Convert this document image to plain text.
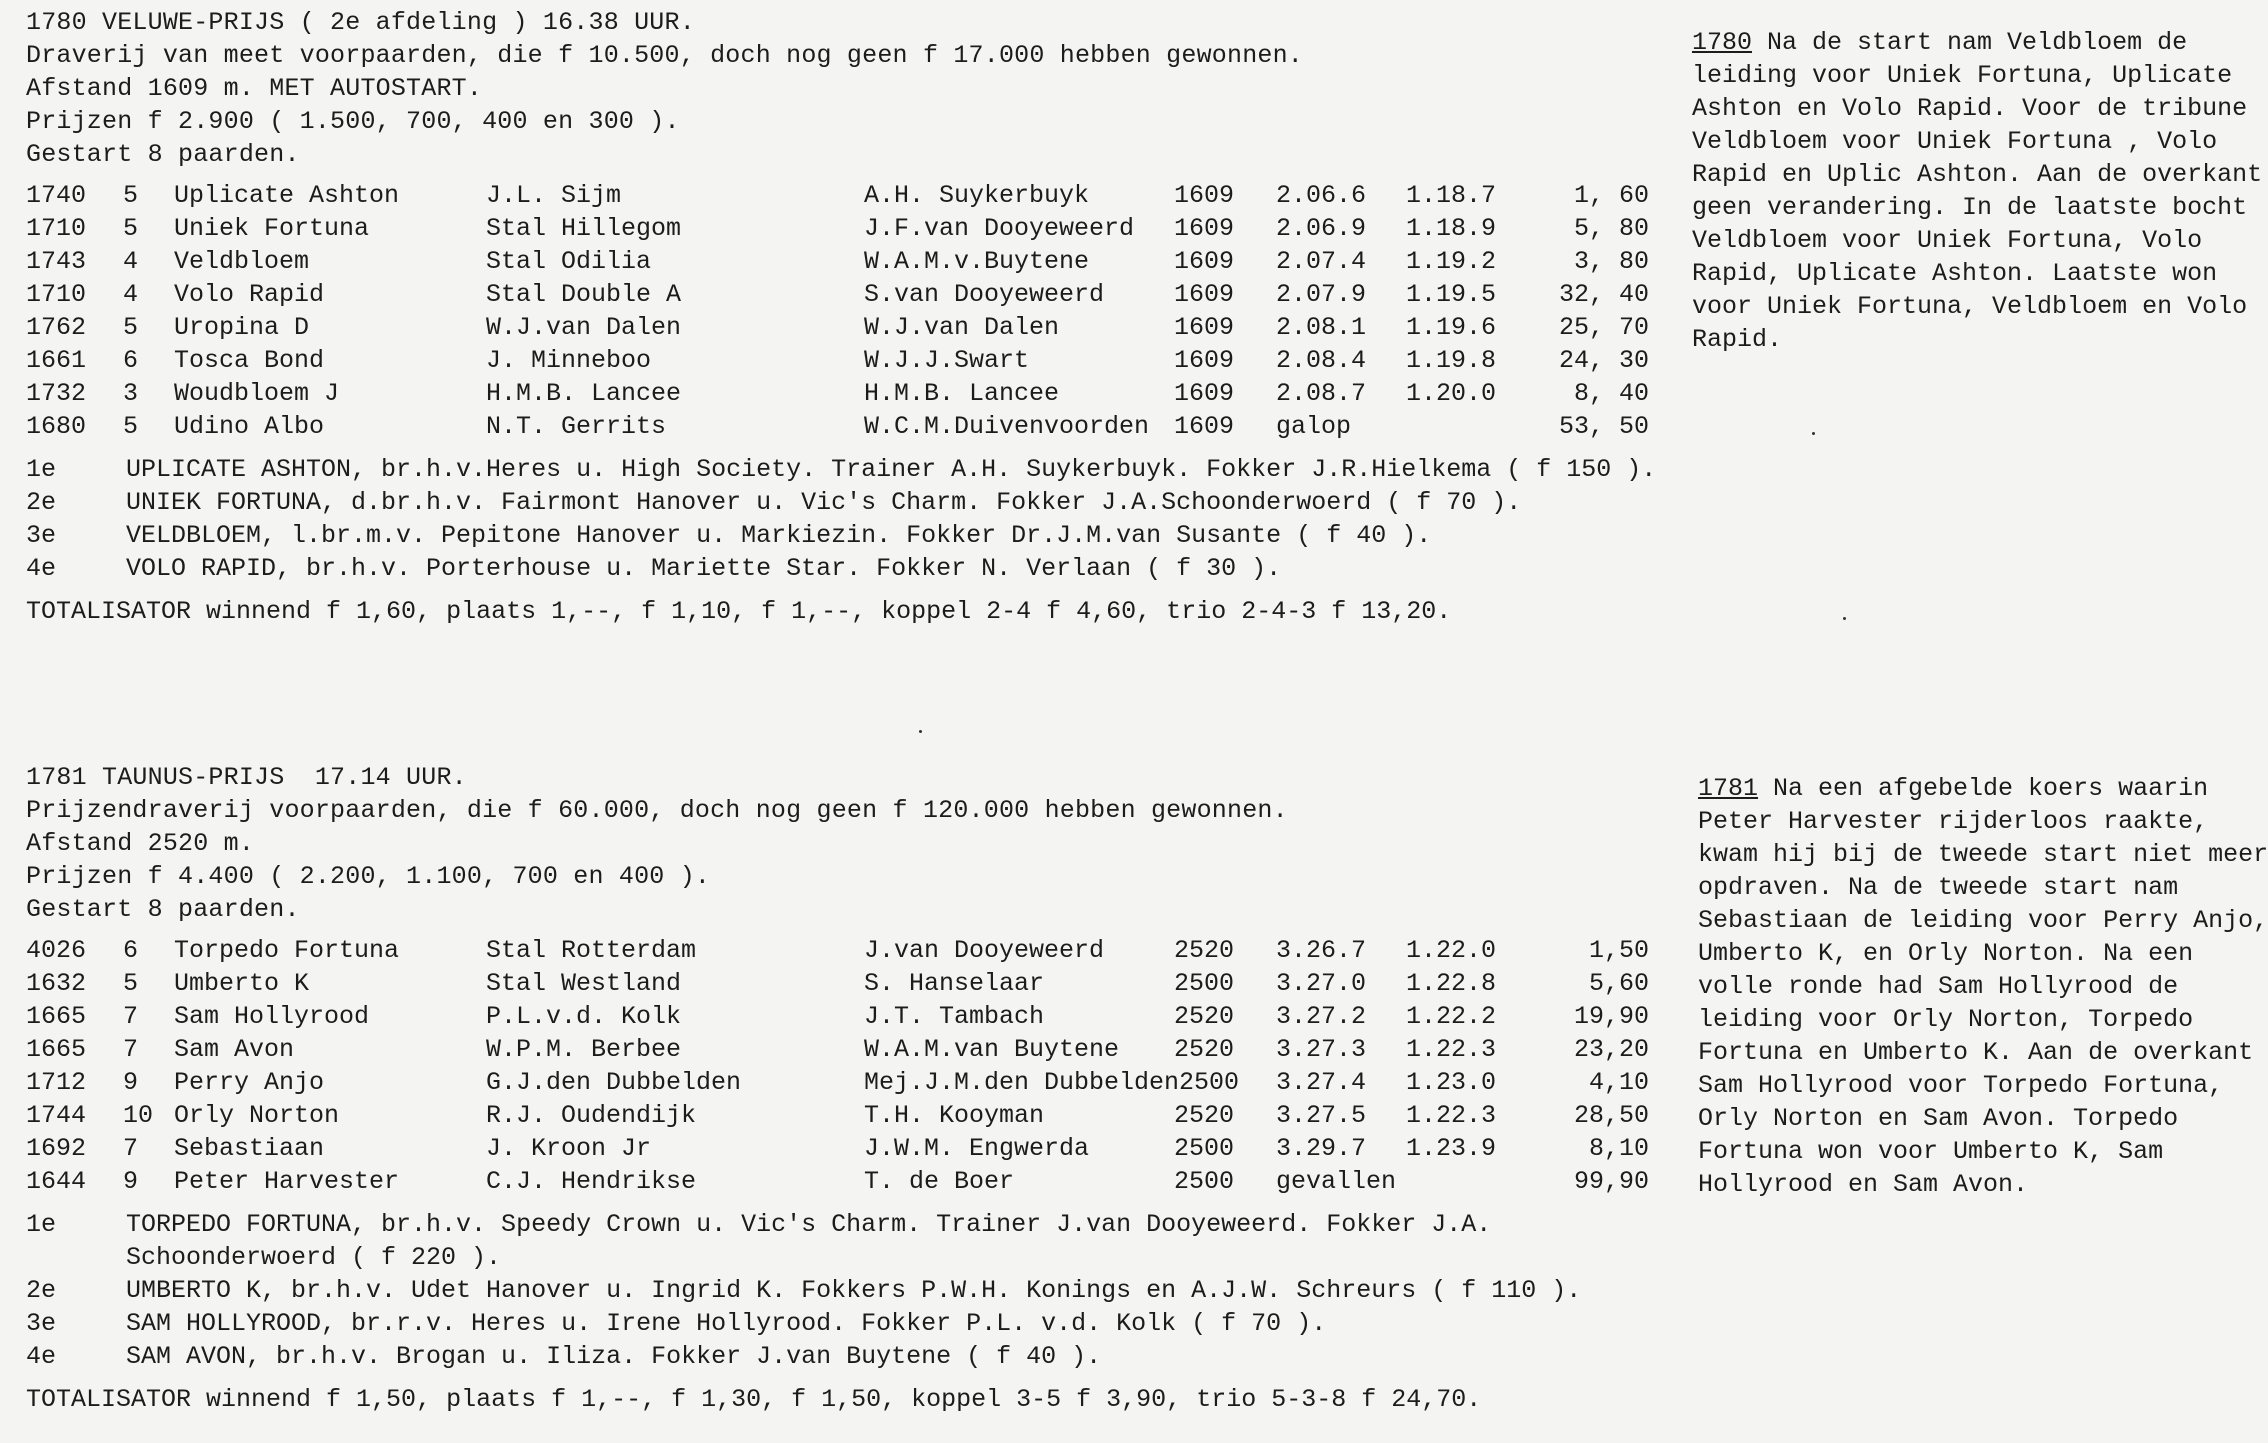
1780 VELUWE-PRIJS ( 2e afdeling ) 16.38 UUR.
Draverij van meet voorpaarden, die f 10.500, doch nog geen f 17.000 hebben gewonnen.
Afstand 1609 m. MET AUTOSTART.
Prijzen f 2.900 ( 1.500, 700, 400 en 300 ).
Gestart 8 paarden.
1740 5 Uplicate Ashton	J.L. Sijm	A.H. Suykerbuyk	1609 2.06.6 1.18.7	1, 60
1710 5 Uniek Fortuna	Stal Hillegom	J.F.van Dooyeweerd 1609 2.06.9 1.18.9	5, 80
1743 4 Veldbloem	Stal Odilia	W.A.M.v.Buytene	1609 2.07.4 1.19.2	3, 80
1710 4 Volo Rapid	Stal Double A	S.van Dooyeweerd	1609 2.07.9 1.19.5	32, 40
1762 5 Uropina D	W.J.van Dalen	W.J.van Dalen	1609 2.08.1 1.19.6	25, 70
1661 6 Tosca Bond	J. Minneboo	W.J.J.Swart	1609 2.08.4 1.19.8	24, 30
1732 3 Woudbloem J	H.M.B. Lancee	H.M.B. Lancee	1609 2.08.7 1.20.0	8, 40
1680 5 Udino Albo	N.T. Gerrits	W.C.M.Duivenvoorden 1609 galop	53, 50
1e	UPLICATE ASHTON, br.h.v.Heres u. High Society. Trainer A.H. Suykerbuyk. Fokker J.R.Hielkema ( f 150 ).
2e	UNIEK FORTUNA, d.br.h.v. Fairmont Hanover u. Vic's Charm. Fokker J.A.Schoonderwoerd ( f 70 ).
3e	VELDBLOEM, l.br.m.v. Pepitone Hanover u. Markiezin. Fokker Dr.J.M.van Susante ( f 40 ).
4e	VOLO RAPID, br.h.v. Porterhouse u. Mariette Star. Fokker N. Verlaan ( f 30 ).
TOTALISATOR winnend f 1,60, plaats 1,--, f 1,10, f 1,--, koppel 2-4 f 4,60, trio 2-4-3 f 13,20.
1780 Na de start nam Veldbloem de leiding voor Uniek Fortuna, Uplicate Ashton en Volo Rapid. Voor de tribune Veldbloem voor Uniek Fortuna , Volo Rapid en Uplic Ashton. Aan de overkant geen verandering. In de laatste bocht Veldbloem voor Uniek Fortuna, Volo Rapid, Uplicate Ashton. Laatste won voor Uniek Fortuna, Veldbloem en Volo Rapid.
1781 TAUNUS-PRIJS  17.14 UUR.
Prijzendraverij voorpaarden, die f 60.000, doch nog geen f 120.000 hebben gewonnen.
Afstand 2520 m.
Prijzen f 4.400 ( 2.200, 1.100, 700 en 400 ).
Gestart 8 paarden.
4026 6 Torpedo Fortuna	Stal Rotterdam	J.van Dooyeweerd	2520 3.26.7 1.22.0	1,50
1632 5 Umberto K	Stal Westland	S. Hanselaar	2500 3.27.0 1.22.8	5,60
1665 7 Sam Hollyrood	P.L.v.d. Kolk	J.T. Tambach	2520 3.27.2 1.22.2	19,90
1665 7 Sam Avon	W.P.M. Berbee	W.A.M.van Buytene 2520 3.27.3 1.22.3	23,20
1712 9 Perry Anjo	G.J.den Dubbelden	Mej.J.M.den Dubbelden2500 3.27.4 1.23.0	4,10
1744 10 Orly Norton	R.J. Oudendijk	T.H. Kooyman	2520 3.27.5 1.22.3	28,50
1692 7 Sebastiaan	J. Kroon Jr	J.W.M. Engwerda	2500 3.29.7 1.23.9	8,10
1644 9 Peter Harvester	C.J. Hendrikse	T. de Boer	2500 gevallen	99,90
1e	TORPEDO FORTUNA, br.h.v. Speedy Crown u. Vic's Charm. Trainer J.van Dooyeweerd. Fokker J.A. Schoonderwoerd ( f 220 ).
2e	UMBERTO K, br.h.v. Udet Hanover u. Ingrid K. Fokkers P.W.H. Konings en A.J.W. Schreurs ( f 110 ).
3e	SAM HOLLYROOD, br.r.v. Heres u. Irene Hollyrood. Fokker P.L. v.d. Kolk ( f 70 ).
4e	SAM AVON, br.h.v. Brogan u. Iliza. Fokker J.van Buytene ( f 40 ).
TOTALISATOR winnend f 1,50, plaats f 1,--, f 1,30, f 1,50, koppel 3-5 f 3,90, trio 5-3-8 f 24,70.
1781 Na een afgebelde koers waarin Peter Harvester rijderloos raakte, kwam hij bij de tweede start niet meer opdraven. Na de tweede start nam Sebastiaan de leiding voor Perry Anjo, Umberto K, en Orly Norton. Na een volle ronde had Sam Hollyrood de leiding voor Orly Norton, Torpedo Fortuna en Umberto K. Aan de overkant Sam Hollyrood voor Torpedo Fortuna, Orly Norton en Sam Avon. Torpedo Fortuna won voor Umberto K, Sam Hollyrood en Sam Avon.
